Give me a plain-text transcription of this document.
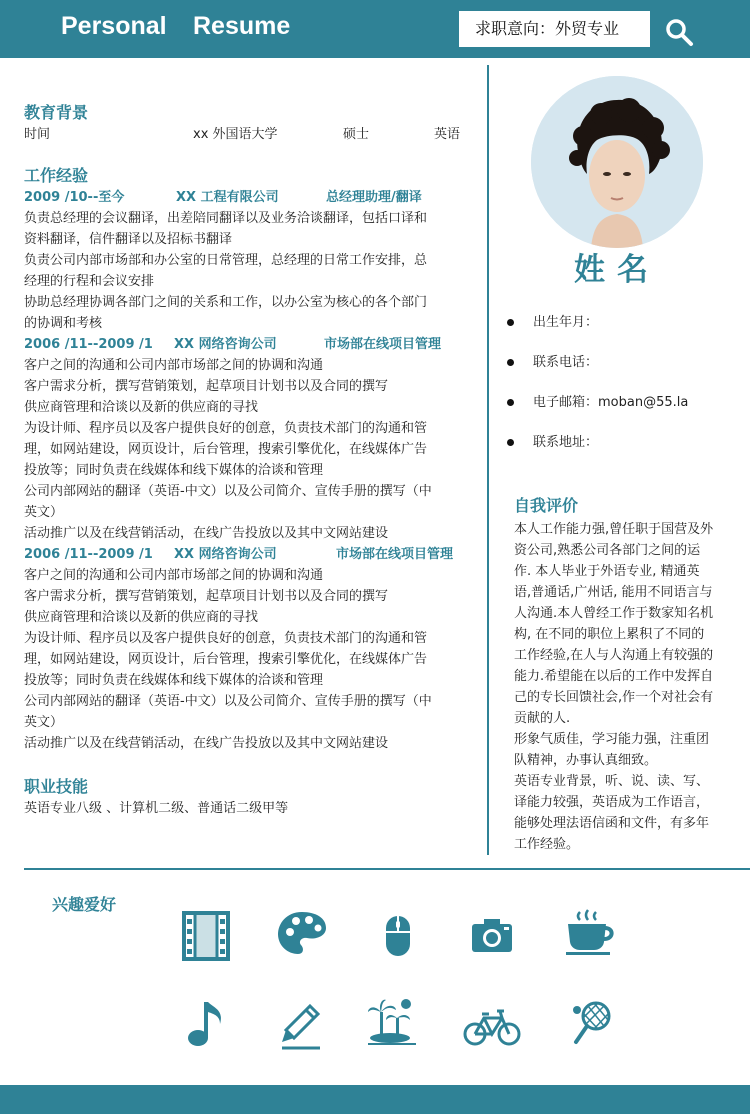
Personal Resume	求职意向：外贸专业
教育背景
时间	xx 外国语大学	硕士	英语
工作经验
2009 /10--至今	XX 工程有限公司	总经理助理/翻译
负责总经理的会议翻译，出差陪同翻译以及业务洽谈翻译，包括口译和
资料翻译，信件翻译以及招标书翻译
负责公司内部市场部和办公室的日常管理，总经理的日常工作安排，总
经理的行程和会议安排
协助总经理协调各部门之间的关系和工作，以办公室为核心的各个部门
的协调和考核
2006 /11--2009 /1 XX 网络咨询公司	市场部在线项目管理
客户之间的沟通和公司内部市场部之间的协调和沟通
客户需求分析，撰写营销策划，起草项目计划书以及合同的撰写
供应商管理和洽谈以及新的供应商的寻找
为设计师、程序员以及客户提供良好的创意，负责技术部门的沟通和管
理，如网站建设，网页设计，后台管理，搜索引擎优化，在线媒体广告
投放等；同时负责在线媒体和线下媒体的洽谈和管理
公司内部网站的翻译（英语-中文）以及公司简介、宣传手册的撰写（中
英文）
活动推广以及在线营销活动，在线广告投放以及其中文网站建设
2006 /11--2009 /1 XX 网络咨询公司	市场部在线项目管理
客户之间的沟通和公司内部市场部之间的协调和沟通
客户需求分析，撰写营销策划，起草项目计划书以及合同的撰写
供应商管理和洽谈以及新的供应商的寻找
为设计师、程序员以及客户提供良好的创意，负责技术部门的沟通和管
理，如网站建设，网页设计，后台管理，搜索引擎优化，在线媒体广告
投放等；同时负责在线媒体和线下媒体的洽谈和管理
公司内部网站的翻译（英语-中文）以及公司简介、宣传手册的撰写（中
英文）
活动推广以及在线营销活动，在线广告投放以及其中文网站建设
职业技能
英语专业八级 、计算机二级、普通话二级甲等
姓名
出生年月：
联系电话：
电子邮箱：moban@55.la
联系地址：
自我评价
本人工作能力强,曾任职于国营及外
资公司,熟悉公司各部门之间的运
作. 本人毕业于外语专业, 精通英
语,普通话,广州话, 能用不同语言与
人沟通.本人曾经工作于数家知名机
构, 在不同的职位上累积了不同的
工作经验,在人与人沟通上有较强的
能力.希望能在以后的工作中发挥自
己的专长回馈社会,作一个对社会有
贡献的人.
形象气质佳，学习能力强，注重团
队精神，办事认真细致。
英语专业背景，听、说、读、写、
译能力较强，英语成为工作语言，
能够处理法语信函和文件，有多年
工作经验。
兴趣爱好
